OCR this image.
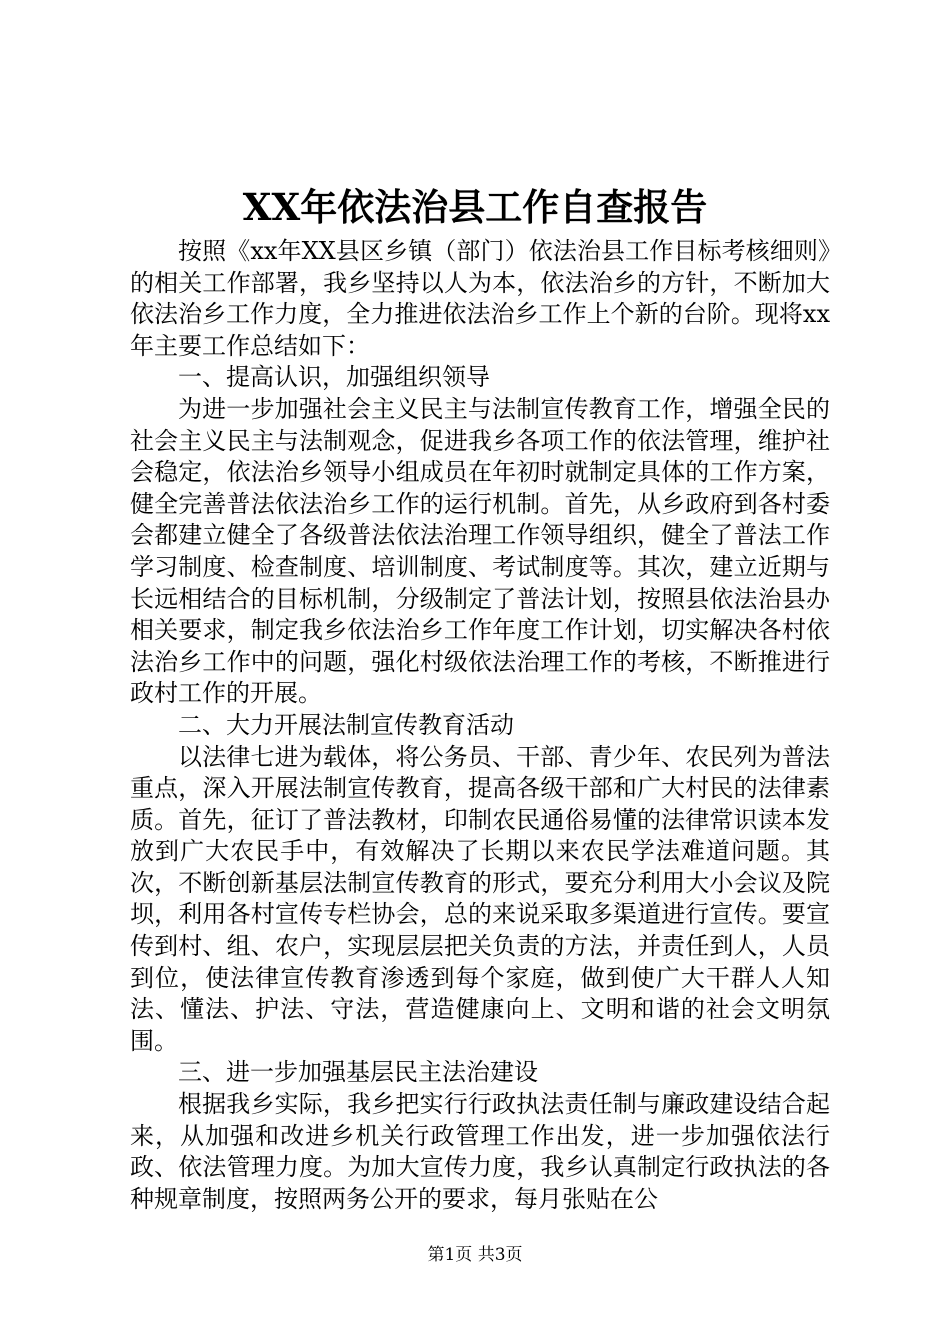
XX年依法治县工作自查报告

按照《xx年XX县区乡镇（部门）依法治县工作目标考核细则》的相关工作部署，我乡坚持以人为本，依法治乡的方针，不断加大依法治乡工作力度，全力推进依法治乡工作上个新的台阶。现将xx年主要工作总结如下：

一、提高认识，加强组织领导

为进一步加强社会主义民主与法制宣传教育工作，增强全民的社会主义民主与法制观念，促进我乡各项工作的依法管理，维护社会稳定，依法治乡领导小组成员在年初时就制定具体的工作方案，健全完善普法依法治乡工作的运行机制。首先，从乡政府到各村委会都建立健全了各级普法依法治理工作领导组织，健全了普法工作学习制度、检查制度、培训制度、考试制度等。其次，建立近期与长远相结合的目标机制，分级制定了普法计划，按照县依法治县办相关要求，制定我乡依法治乡工作年度工作计划，切实解决各村依法治乡工作中的问题，强化村级依法治理工作的考核，不断推进行政村工作的开展。

二、大力开展法制宣传教育活动

以法律七进为载体，将公务员、干部、青少年、农民列为普法重点，深入开展法制宣传教育，提高各级干部和广大村民的法律素质。首先，征订了普法教材，印制农民通俗易懂的法律常识读本发放到广大农民手中，有效解决了长期以来农民学法难道问题。其次，不断创新基层法制宣传教育的形式，要充分利用大小会议及院坝，利用各村宣传专栏协会，总的来说采取多渠道进行宣传。要宣传到村、组、农户，实现层层把关负责的方法，并责任到人，人员到位，使法律宣传教育渗透到每个家庭，做到使广大干群人人知法、懂法、护法、守法，营造健康向上、文明和谐的社会文明氛围。

三、进一步加强基层民主法治建设

根据我乡实际，我乡把实行行政执法责任制与廉政建设结合起来，从加强和改进乡机关行政管理工作出发，进一步加强依法行政、依法管理力度。为加大宣传力度，我乡认真制定行政执法的各种规章制度，按照两务公开的要求，每月张贴在公

第1页 共3页
